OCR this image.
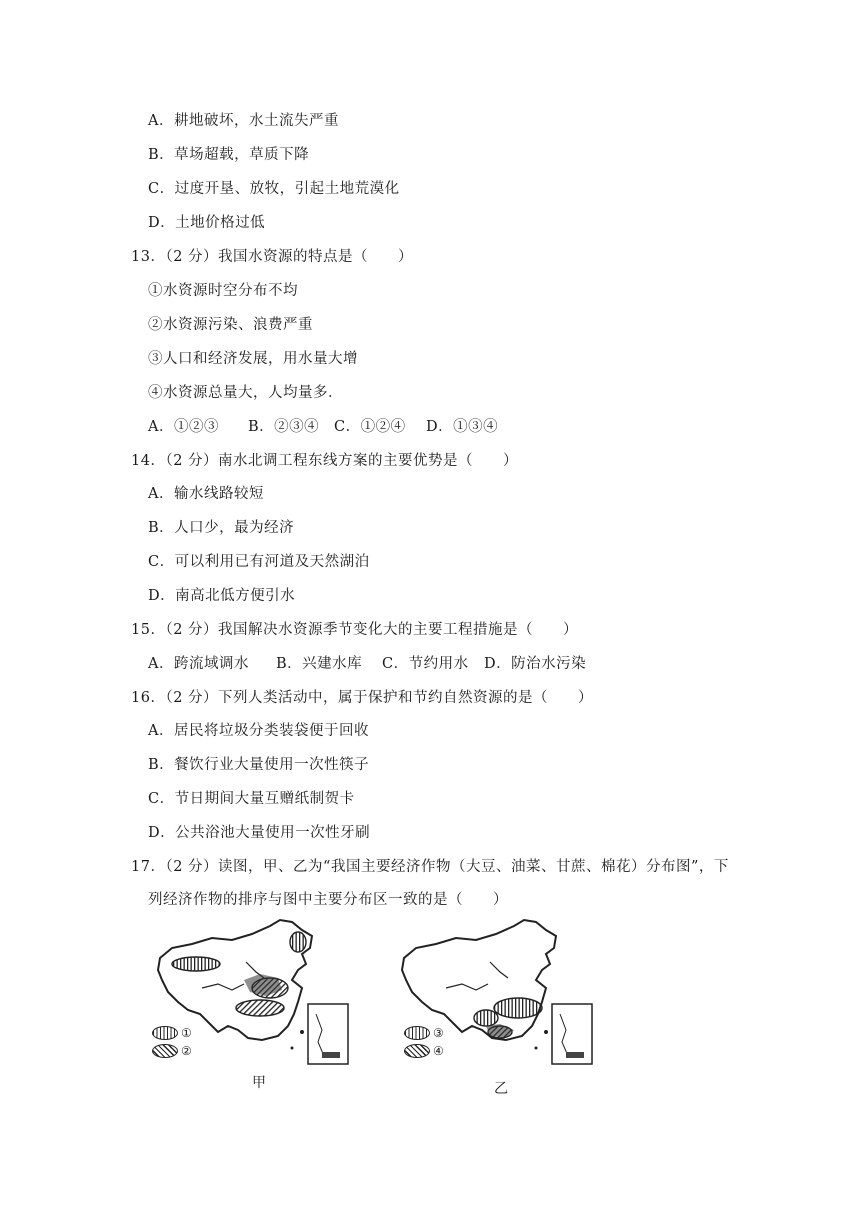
A．耕地破坏，水土流失严重
B．草场超载，草质下降
C．过度开垦、放牧，引起土地荒漠化
D．土地价格过低
13．（2 分）我国水资源的特点是（　　）
①水资源时空分布不均
②水资源污染、浪费严重
③人口和经济发展，用水量大增
④水资源总量大，人均量多．
A．①②③ B．②③④ C．①②④ D．①③④
14．（2 分）南水北调工程东线方案的主要优势是（　　）
A．输水线路较短
B．人口少，最为经济
C．可以利用已有河道及天然湖泊
D．南高北低方便引水
15．（2 分）我国解决水资源季节变化大的主要工程措施是（　　）
A．跨流域调水 B．兴建水库 C．节约用水 D．防治水污染
16．（2 分）下列人类活动中，属于保护和节约自然资源的是（　　）
A．居民将垃圾分类装袋便于回收
B．餐饮行业大量使用一次性筷子
C．节日期间大量互赠纸制贺卡
D．公共浴池大量使用一次性牙刷
17．（2 分）读图，甲、乙为“我国主要经济作物（大豆、油菜、甘蔗、棉花）分布图”，下
列经济作物的排序与图中主要分布区一致的是（　　）
①
②
甲
③
④
乙
